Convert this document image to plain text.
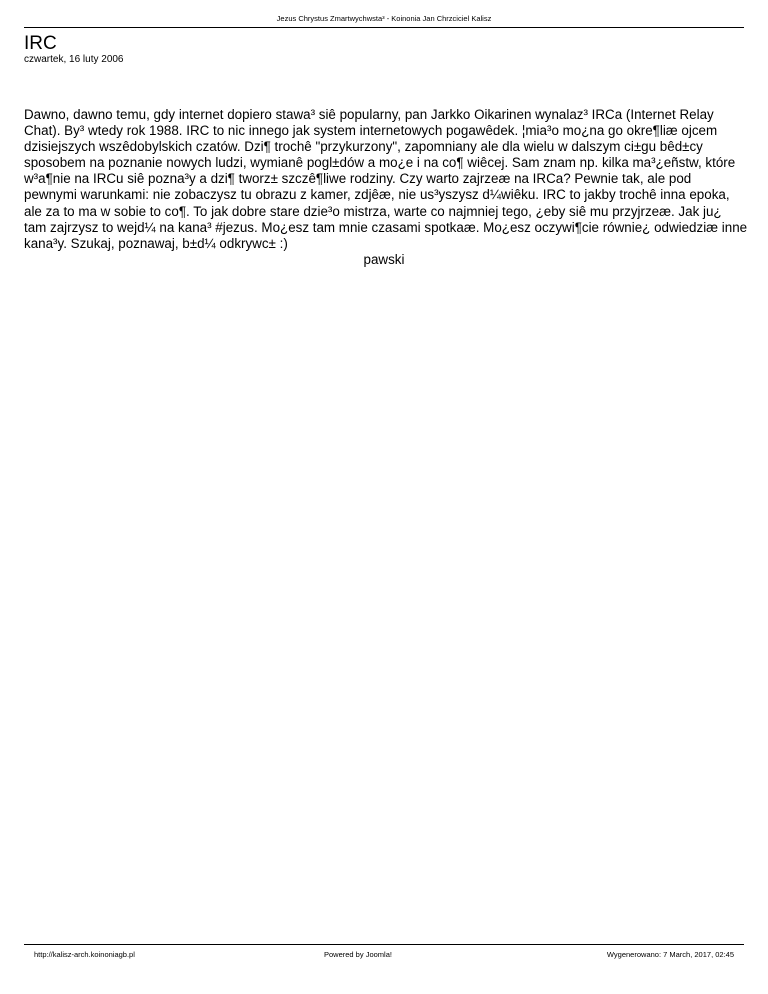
Jezus Chrystus Zmartwychwsta³ - Koinonia Jan Chrzciciel Kalisz
IRC
czwartek, 16 luty 2006
Dawno, dawno temu, gdy internet dopiero stawa³ siê popularny, pan Jarkko Oikarinen wynalaz³ IRCa (Internet Relay
Chat). By³ wtedy rok 1988. IRC to nic innego jak system internetowych pogawêdek. ¦mia³o mo¿na go okre¶liæ ojcem
dzisiejszych wszêdobylskich czatów. Dzi¶ trochê "przykurzony", zapomniany ale dla wielu w dalszym ci±gu bêd±cy
sposobem na poznanie nowych ludzi, wymianê pogl±dów a mo¿e i na co¶ wiêcej. Sam znam np. kilka ma³¿eñstw, które
w³a¶nie na IRCu siê pozna³y a dzi¶ tworz± szczê¶liwe rodziny. Czy warto zajrzeæ na IRCa? Pewnie tak, ale pod
pewnymi warunkami: nie zobaczysz tu obrazu z kamer, zdjêæ, nie us³yszysz d¼wiêku. IRC to jakby trochê inna epoka,
ale za to ma w sobie to co¶. To jak dobre stare dzie³o mistrza, warte co najmniej tego, ¿eby siê mu przyjrzeæ. Jak ju¿
tam zajrzysz to wejd¼ na kana³ #jezus. Mo¿esz tam mnie czasami spotkaæ. Mo¿esz oczywi¶cie równie¿ odwiedziæ inne
kana³y. Szukaj, poznawaj, b±d¼ odkrywc± :)
pawski
http://kalisz-arch.koinoniagb.pl	Powered by Joomla!	Wygenerowano: 7 March, 2017, 02:45
